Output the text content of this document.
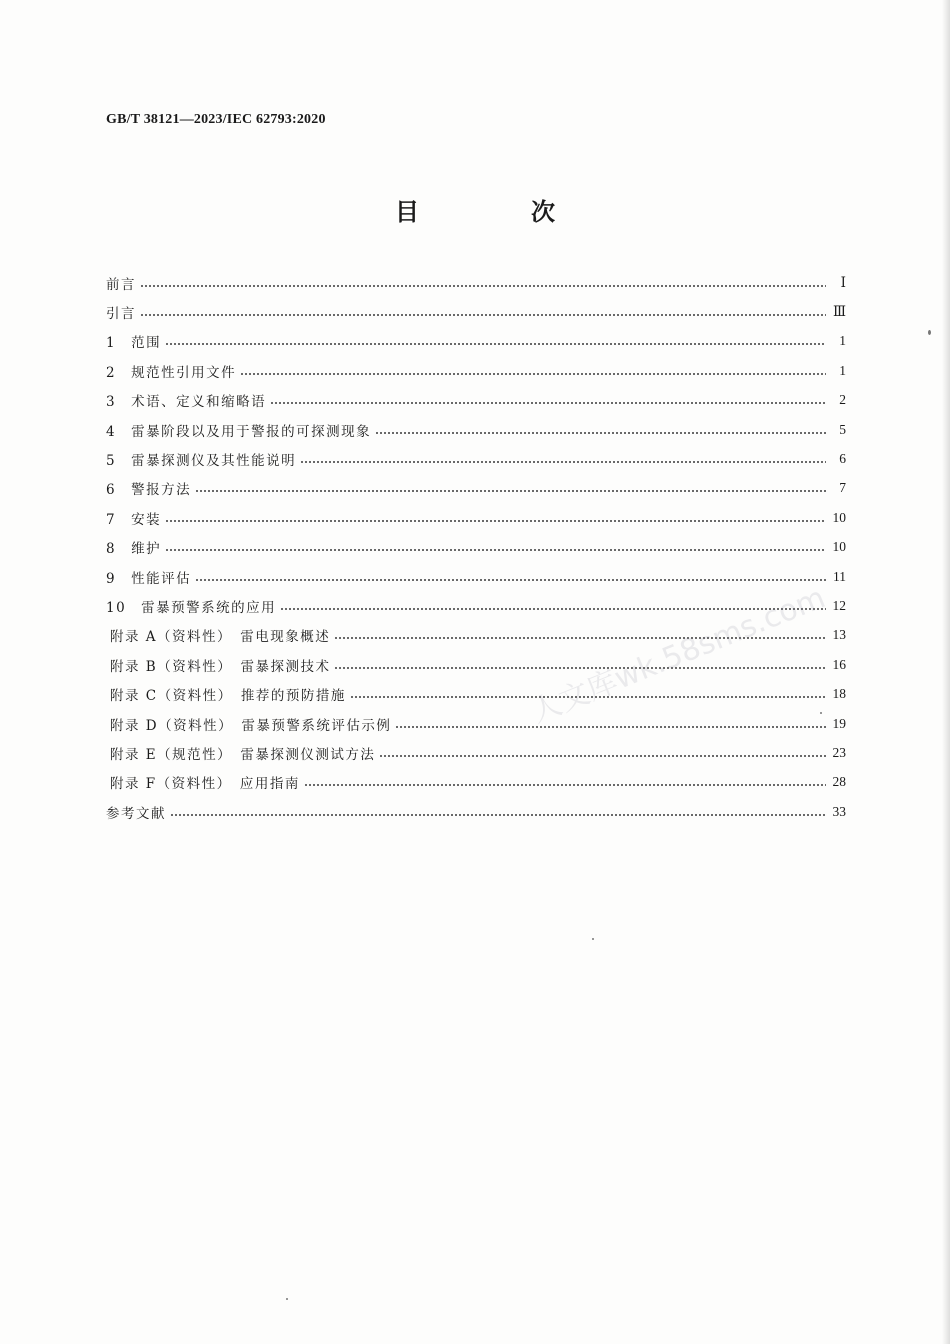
GB/T 38121—2023/IEC 62793:2020
目　次
前言	Ⅰ
引言	Ⅲ
1　范围	1
2　规范性引用文件	1
3　术语、定义和缩略语	2
4　雷暴阶段以及用于警报的可探测现象	5
5　雷暴探测仪及其性能说明	6
6　警报方法	7
7　安装	10
8　维护	10
9　性能评估	11
10　雷暴预警系统的应用	12
附录 A（资料性）　雷电现象概述	13
附录 B（资料性）　雷暴探测技术	16
附录 C（资料性）　推荐的预防措施	18
附录 D（资料性）　雷暴预警系统评估示例	19
附录 E（规范性）　雷暴探测仪测试方法	23
附录 F（资料性）　应用指南	28
参考文献	33
人文库wk.58sms.com
